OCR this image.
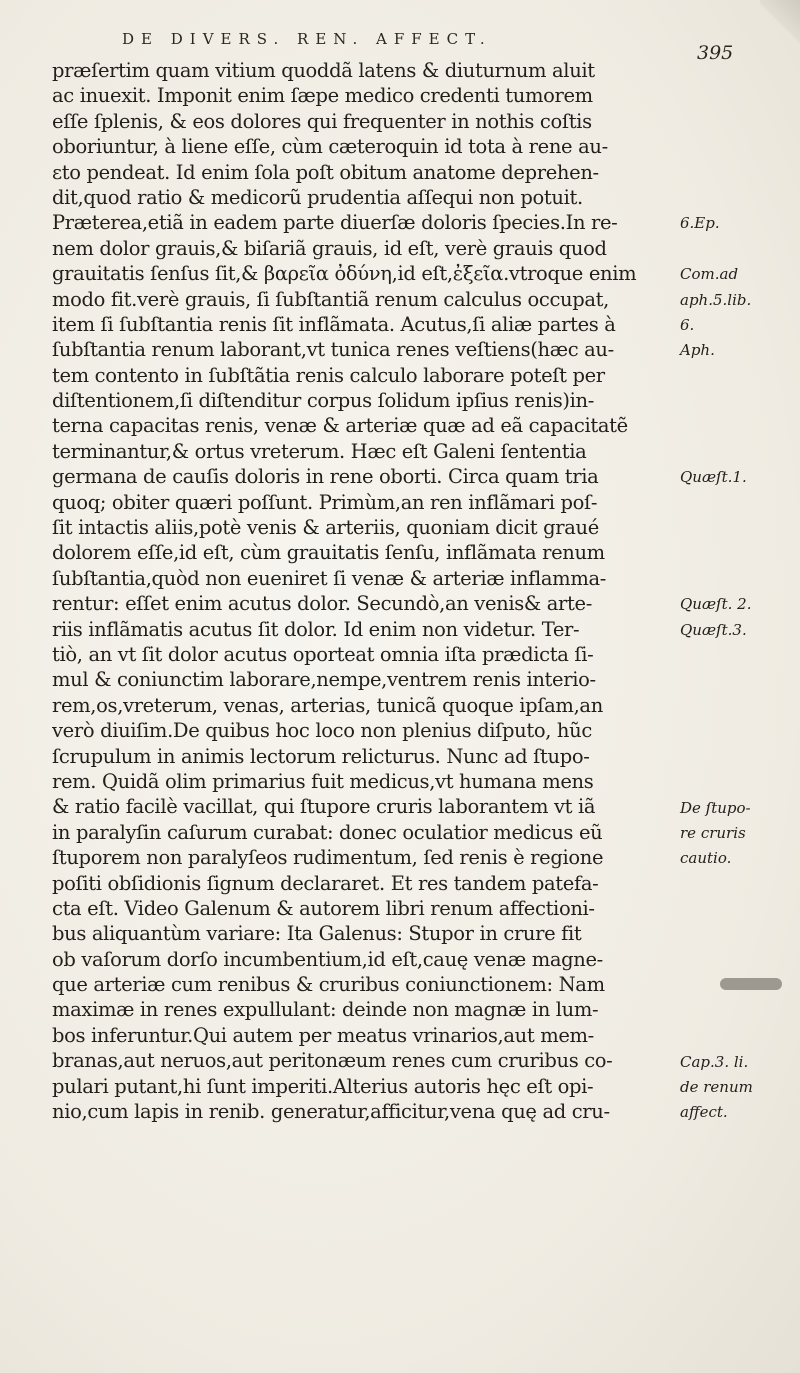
DE DIVERS. REN. AFFECT.
395
præſertim quam vitium quoddã latens & diuturnum aluit
ac inuexit. Imponit enim ſæpe medico credenti tumorem
eſſe ſplenis, & eos dolores qui frequenter in nothis coſtis
oboriuntur, à liene eſſe, cùm cæteroquin id tota à rene au-
ɛto pendeat. Id enim ſola poſt obitum anatome deprehen-
dit,quod ratio & medicorũ prudentia aſſequi non potuit.
Præterea,etiã in eadem parte diuerſæ doloris ſpecies.In re-
nem dolor grauis,& biſariã grauis, id eſt, verè grauis quod
grauitatis ſenſus ſit,& βαρεῖα ὀδύνη,id eſt,ἐξεῖα.vtroque enim
modo fit.verè grauis, ſi ſubſtantiã renum calculus occupat,
item ſi ſubſtantia renis ſit inflãmata. Acutus,ſi aliæ partes à
ſubſtantia renum laborant,vt tunica renes veſtiens(hæc au-
tem contento in ſubſtãtia renis calculo laborare poteſt per
diſtentionem,ſi diſtenditur corpus ſolidum ipſius renis)in-
terna capacitas renis, venæ & arteriæ quæ ad eã capacitatẽ
terminantur,& ortus vreterum. Hæc eſt Galeni ſententia
germana de cauſis doloris in rene oborti. Circa quam tria
quoq; obiter quæri poſſunt. Primùm,an ren inflãmari poſ-
ſit intactis aliis,potè venis & arteriis, quoniam dicit graué
dolorem eſſe,id eſt, cùm grauitatis ſenſu, inflãmata renum
ſubſtantia,quòd non eueniret ſi venæ & arteriæ inflamma-
rentur: eſſet enim acutus dolor. Secundò,an venis& arte-
riis inflãmatis acutus ſit dolor. Id enim non videtur. Ter-
tiò, an vt ſit dolor acutus oporteat omnia iſta prædicta ſi-
mul & coniunctim laborare,nempe,ventrem renis interio-
rem,os,vreterum, venas, arterias, tunicã quoque ipſam,an
verò diuiſim.De quibus hoc loco non plenius diſputo, hũc
ſcrupulum in animis lectorum relicturus. Nunc ad ſtupo-
rem. Quidã olim primarius fuit medicus,vt humana mens
& ratio facilè vacillat, qui ſtupore cruris laborantem vt iã
in paralyſin caſurum curabat: donec oculatior medicus eũ
ſtuporem non paralyſeos rudimentum, ſed renis è regione
poſiti obſidionis ſignum declararet. Et res tandem patefa-
cta eſt. Video Galenum & autorem libri renum affectioni-
bus aliquantùm variare: Ita Galenus: Stupor in crure fit
ob vaſorum dorſo incumbentium,id eſt,cauę venæ magne-
que arteriæ cum renibus & cruribus coniunctionem: Nam
maximæ in renes expullulant: deinde non magnæ in lum-
bos inferuntur.Qui autem per meatus vrinarios,aut mem-
branas,aut neruos,aut peritonæum renes cum cruribus co-
pulari putant,hi ſunt imperiti.Alterius autoris hęc eſt opi-
nio,cum lapis in renib. generatur,afficitur,vena quę ad cru-
6.Ep.
Com.ad
aph.5.lib.
6.
Aph.
Quæſt.1.
Quæſt. 2.
Quæſt.3.
De ſtupo-
re cruris
cautio.
Cap.3. li.
de renum
affect.
